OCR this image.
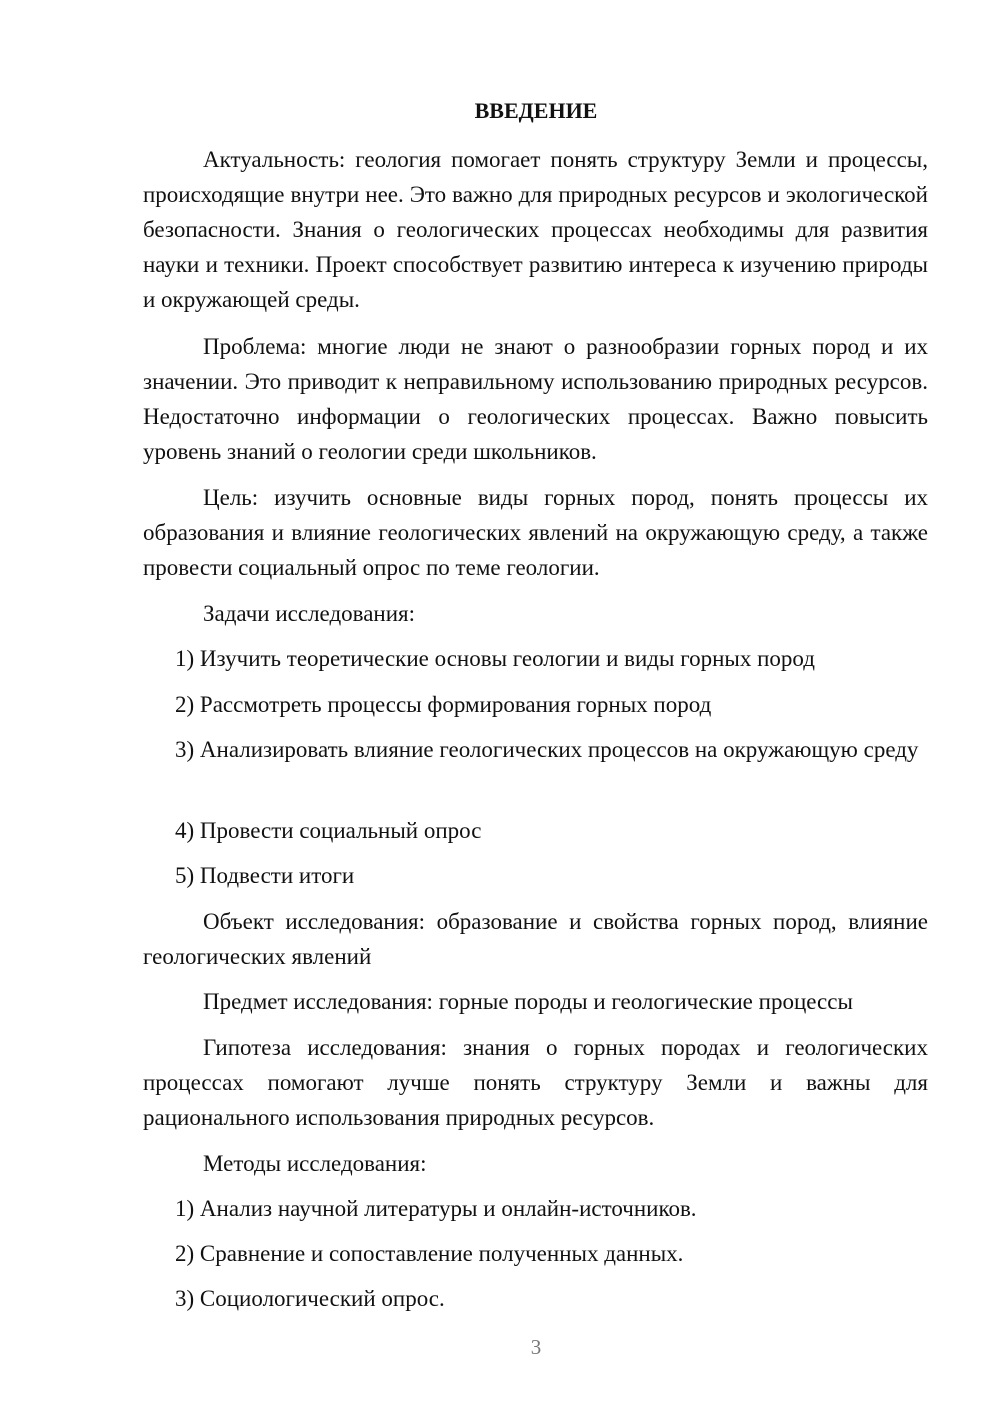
ВВЕДЕНИЕ

Актуальность: геология помогает понять структуру Земли и процессы, происходящие внутри нее. Это важно для природных ресурсов и экологической безопасности. Знания о геологических процессах необходимы для развития науки и техники. Проект способствует развитию интереса к изучению природы и окружающей среды.

Проблема: многие люди не знают о разнообразии горных пород и их значении. Это приводит к неправильному использованию природных ресурсов. Недостаточно информации о геологических процессах. Важно повысить уровень знаний о геологии среди школьников.

Цель: изучить основные виды горных пород, понять процессы их образования и влияние геологических явлений на окружающую среду, а также провести социальный опрос по теме геологии.

Задачи исследования:

1) Изучить теоретические основы геологии и виды горных пород

2) Рассмотреть процессы формирования горных пород

3) Анализировать влияние геологических процессов на окружающую среду

4) Провести социальный опрос

5) Подвести итоги

Объект исследования: образование и свойства горных пород, влияние геологических явлений

Предмет исследования: горные породы и геологические процессы

Гипотеза исследования: знания о горных породах и геологических процессах помогают лучше понять структуру Земли и важны для рационального использования природных ресурсов.

Методы исследования:

1) Анализ научной литературы и онлайн-источников.

2) Сравнение и сопоставление полученных данных.

3) Социологический опрос.

3
